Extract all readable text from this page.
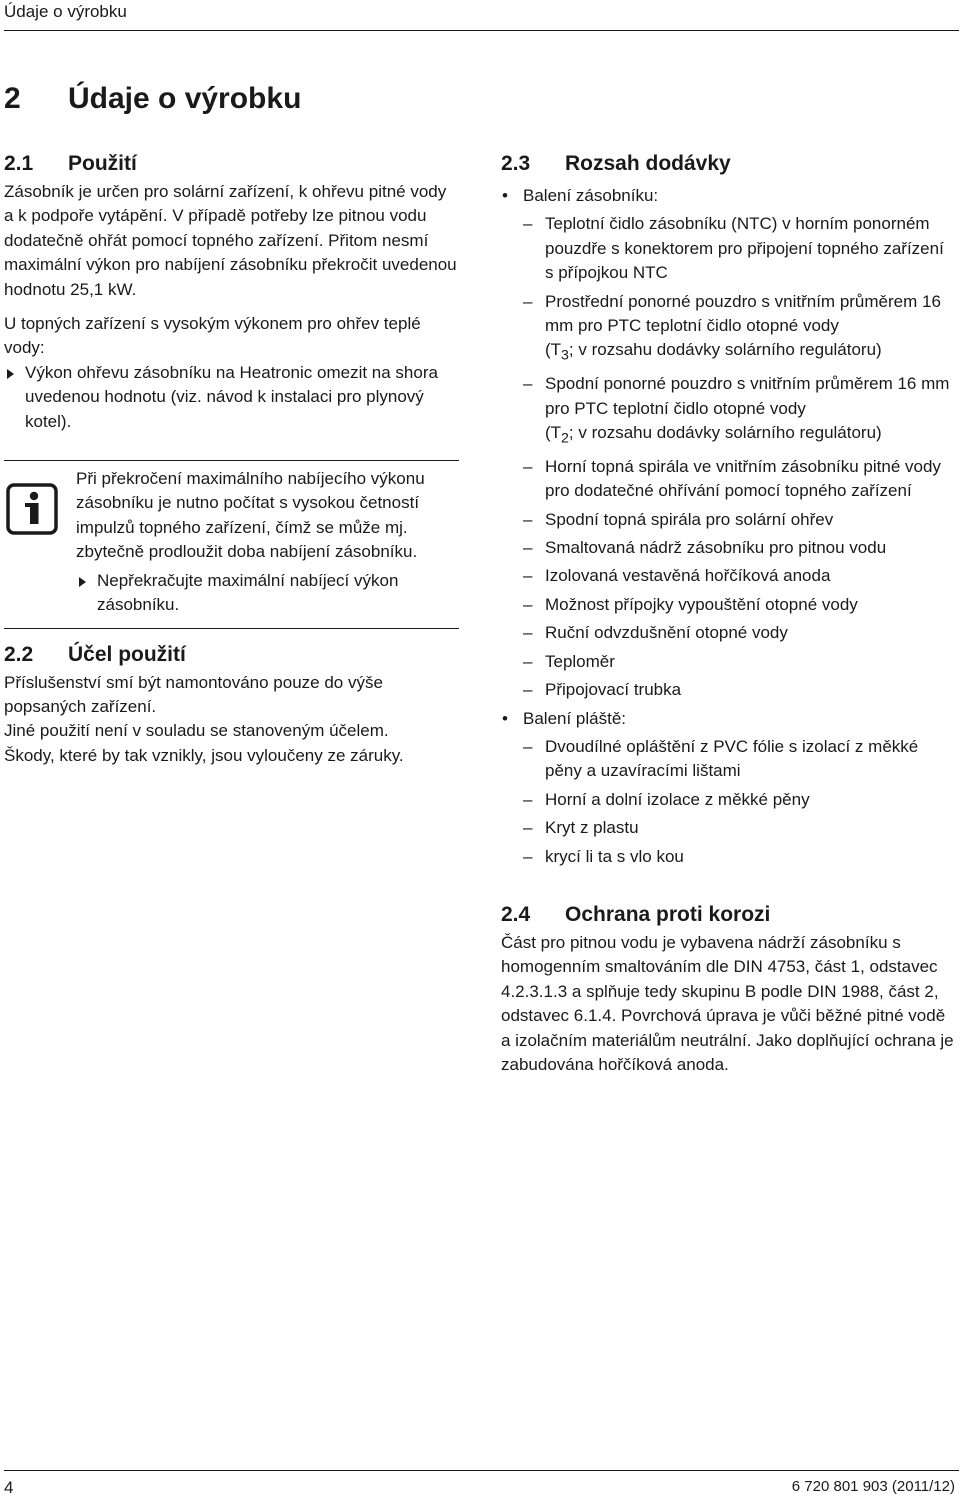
Údaje o výrobku
2 Údaje o výrobku
2.1 Použití

Zásobník je určen pro solární zařízení, k ohřevu pitné vody a k podpoře vytápění. V případě potřeby lze pitnou vodu dodatečně ohřát pomocí topného zařízení. Přitom nesmí maximální výkon pro nabíjení zásobníku překročit uvedenou hodnotu 25,1 kW.

U topných zařízení s vysokým výkonem pro ohřev teplé vody:

Výkon ohřevu zásobníku na Heatronic omezit na shora uvedenou hodnotu (viz. návod k instalaci pro plynový kotel).

Při překročení maximálního nabíjecího výkonu zásobníku je nutno počítat s vysokou četností impulzů topného zařízení, čímž se může mj. zbytečně prodloužit doba nabíjení zásobníku.

Nepřekračujte maximální nabíjecí výkon zásobníku.
2.2 Účel použití

Příslušenství smí být namontováno pouze do výše popsaných zařízení.

Jiné použití není v souladu se stanoveným účelem.

Škody, které by tak vznikly, jsou vyloučeny ze záruky.

2.3 Rozsah dodávky
• Balení zásobníku:
– Teplotní čidlo zásobníku (NTC) v horním ponorném pouzdře s konektorem pro připojení topného zařízení s přípojkou NTC
– Prostřední ponorné pouzdro s vnitřním průměrem 16 mm pro PTC teplotní čidlo otopné vody
($T_3$; v rozsahu dodávky solárního regulátoru)
– Spodní ponorné pouzdro s vnitřním průměrem 16 mm pro PTC teplotní čidlo otopné vody
($T_2$; v rozsahu dodávky solárního regulátoru)
– Horní topná spirála ve vnitřním zásobníku pitné vody pro dodatečné ohřívání pomocí topného zařízení
– Spodní topná spirála pro solární ohřev
– Smaltovaná nádrž zásobníku pro pitnou vodu
– Izolovaná vestavěná hořčíková anoda
– Možnost přípojky vypouštění otopné vody
– Ruční odvzdušnění otopné vody
– Teploměr
– Připojovací trubka
• Balení pláště:
– Dvoudílné opláštění z PVC fólie s izolací z měkké pěny a uzavíracími lištami
– Horní a dolní izolace z měkké pěny
– Kryt z plastu
– krycí li ta s vlo kou
2.4 Ochrana proti korozi

Část pro pitnou vodu je vybavena nádrží zásobníku s homogenním smaltováním dle DIN 4753, část 1, odstavec 4.2.3.1.3 a splňuje tedy skupinu B podle DIN 1988, část 2, odstavec 6.1.4. Povrchová úprava je vůči běžné pitné vodě a izolačním materiálům neutrální. Jako doplňující ochrana je zabudována hořčíková anoda.

4	6 720 801 903 (2011/12)
